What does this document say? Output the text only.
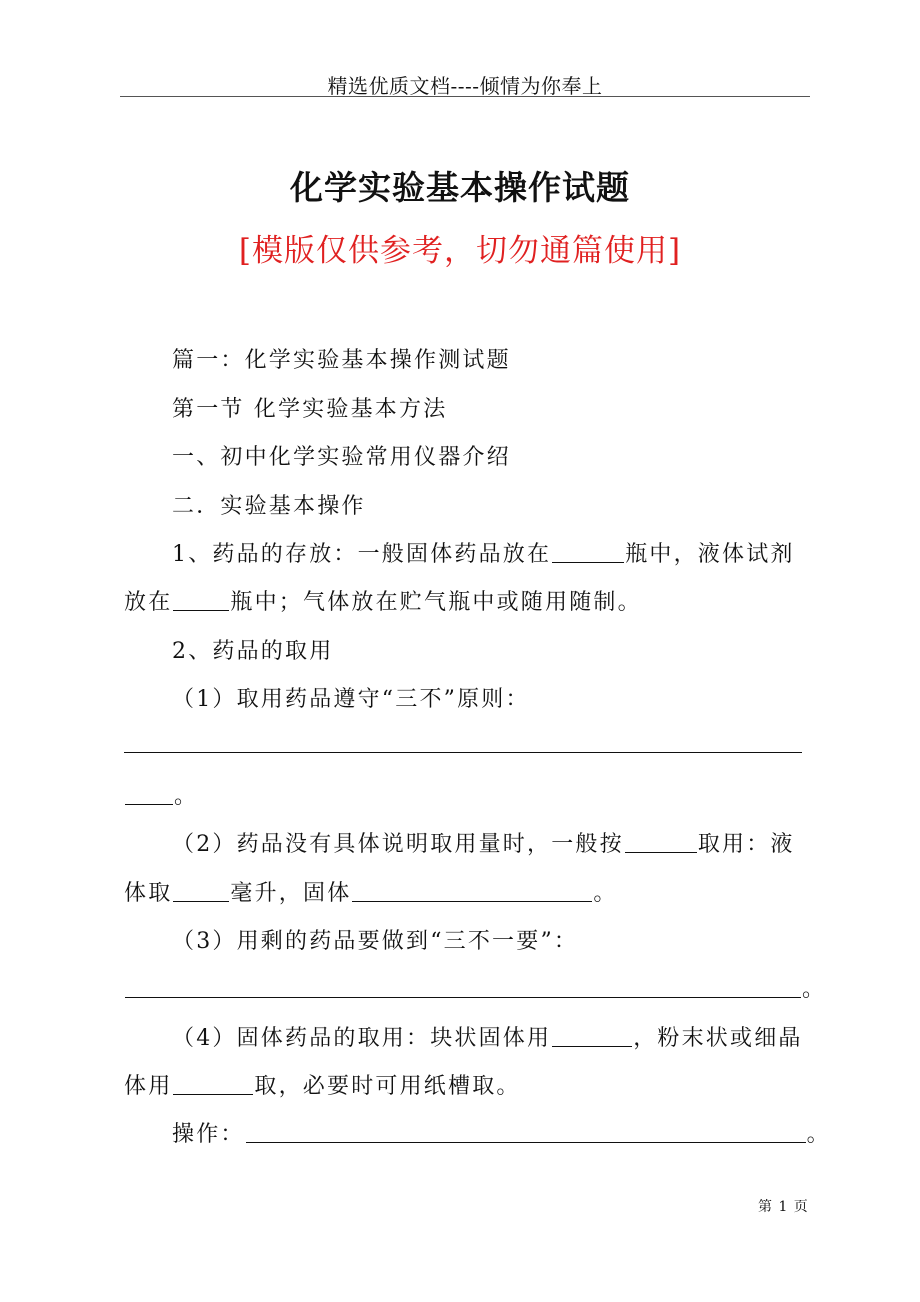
精选优质文档----倾情为你奉上
化学实验基本操作试题
[模版仅供参考，切勿通篇使用]
篇一：化学实验基本操作测试题
第一节 化学实验基本方法
一、初中化学实验常用仪器介绍
二．实验基本操作
1、药品的存放：一般固体药品放在	瓶中，液体试剂
放在	瓶中；气体放在贮气瓶中或随用随制。
2、药品的取用
（1）取用药品遵守“三不”原则：
。
（2）药品没有具体说明取用量时，一般按	取用：液
体取	毫升，固体	。
（3）用剩的药品要做到“三不一要”：
。
（4）固体药品的取用：块状固体用	，粉末状或细晶
体用	取，必要时可用纸槽取。
操作：	。
第 1 页
